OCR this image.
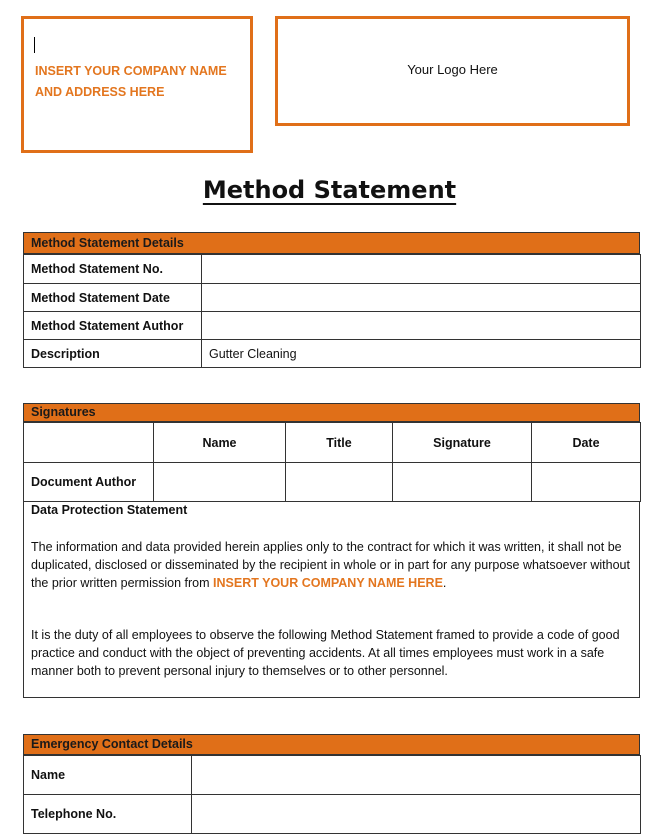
INSERT YOUR COMPANY NAME AND ADDRESS HERE
Your Logo Here
Method Statement
Method Statement Details
Method Statement No.	
Method Statement Date	
Method Statement Author	
Description	Gutter Cleaning
Signatures
	Name	Title	Signature	Date
Document Author				
Data Protection Statement
The information and data provided herein applies only to the contract for which it was written, it shall not be duplicated, disclosed or disseminated by the recipient in whole or in part for any purpose whatsoever without the prior written permission from INSERT YOUR COMPANY NAME HERE.
It is the duty of all employees to observe the following Method Statement framed to provide a code of good practice and conduct with the object of preventing accidents. At all times employees must work in a safe manner both to prevent personal injury to themselves or to other personnel.
Emergency Contact Details
Name	
Telephone No.	
